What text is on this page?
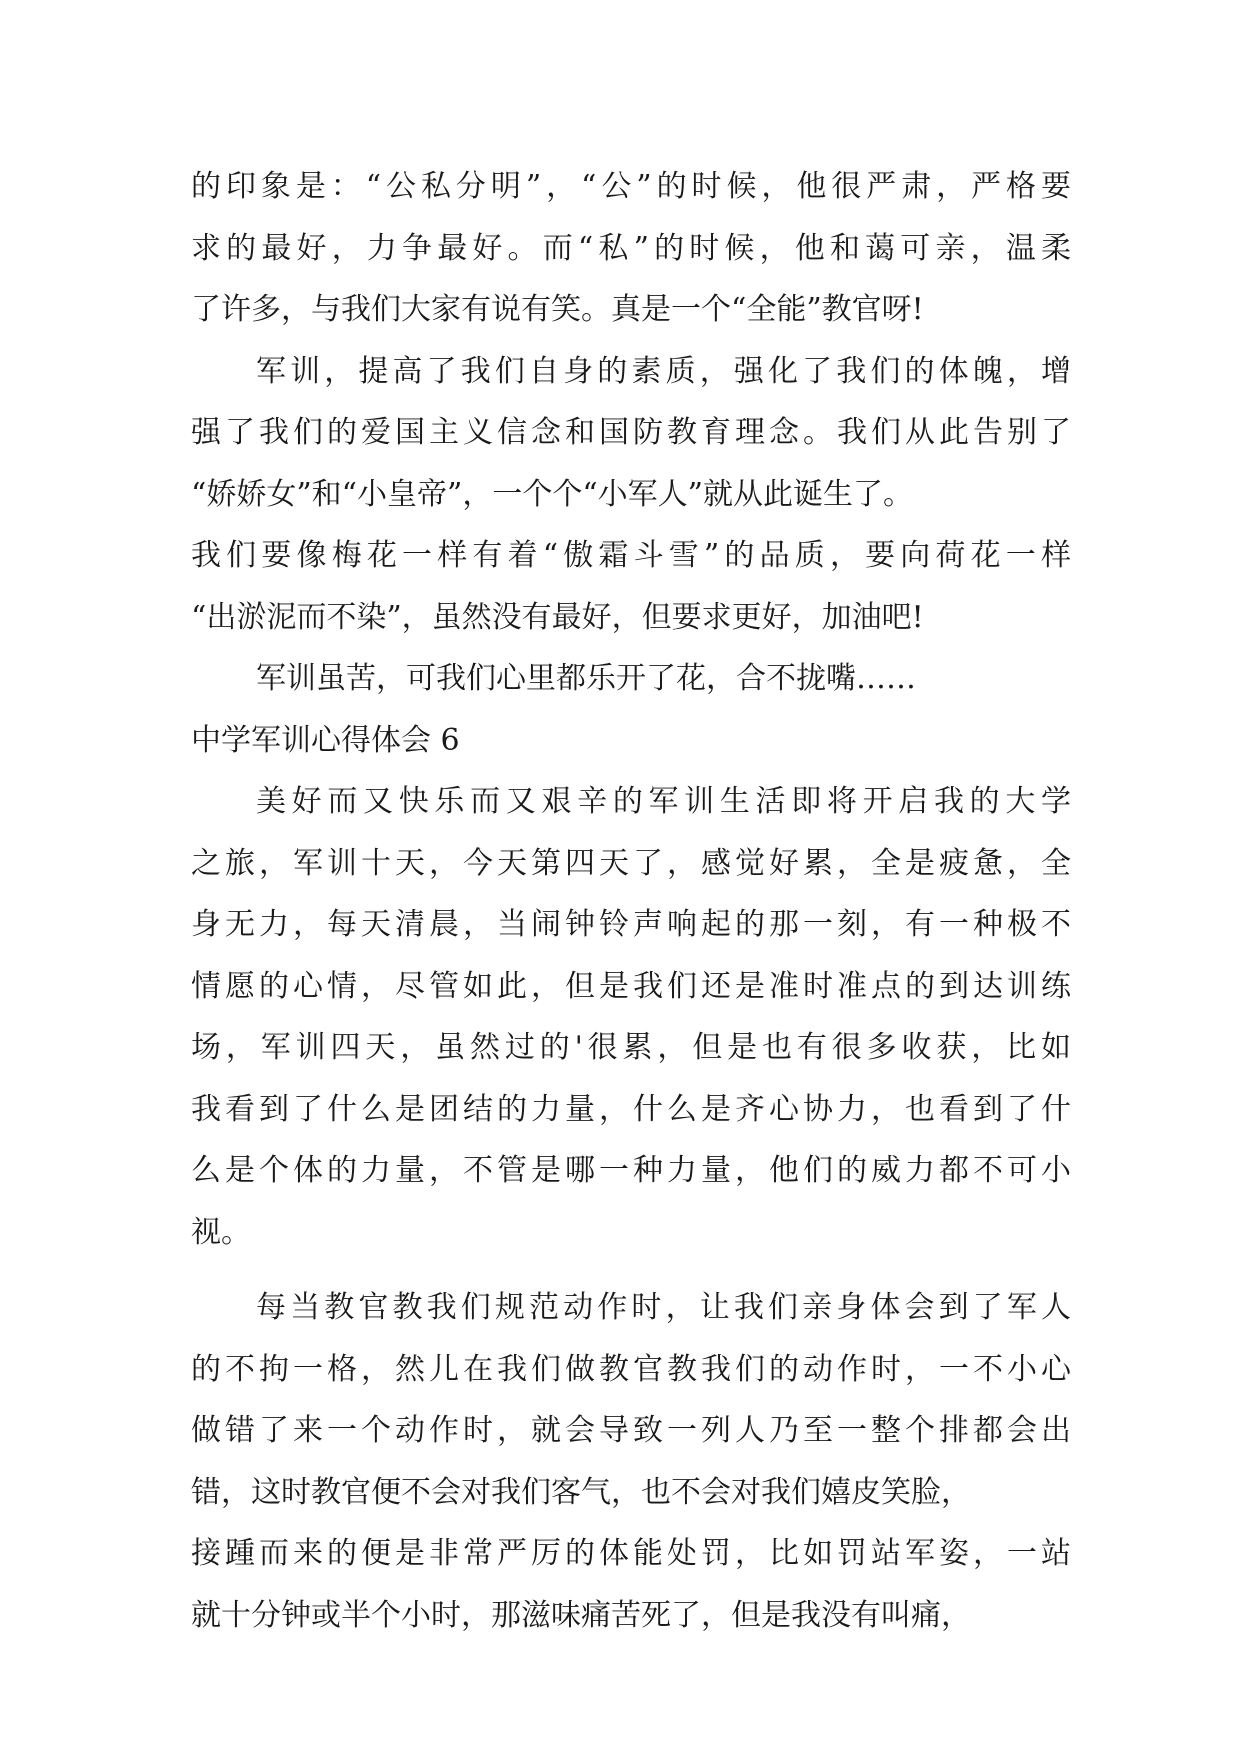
的印象是：“公私分明”，“公”的时候，他很严肃，严格要
求的最好，力争最好。而“私”的时候，他和蔼可亲，温柔
了许多，与我们大家有说有笑。真是一个“全能”教官呀!
军训，提高了我们自身的素质，强化了我们的体魄，增
强了我们的爱国主义信念和国防教育理念。我们从此告别了
“娇娇女”和“小皇帝”，一个个“小军人”就从此诞生了。
我们要像梅花一样有着“傲霜斗雪”的品质，要向荷花一样
“出淤泥而不染”，虽然没有最好，但要求更好，加油吧!
军训虽苦，可我们心里都乐开了花，合不拢嘴……
中学军训心得体会 6
美好而又快乐而又艰辛的军训生活即将开启我的大学
之旅，军训十天，今天第四天了，感觉好累，全是疲惫，全
身无力，每天清晨，当闹钟铃声响起的那一刻，有一种极不
情愿的心情，尽管如此，但是我们还是准时准点的到达训练
场，军训四天，虽然过的'很累，但是也有很多收获，比如
我看到了什么是团结的力量，什么是齐心协力，也看到了什
么是个体的力量，不管是哪一种力量，他们的威力都不可小
视。
每当教官教我们规范动作时，让我们亲身体会到了军人
的不拘一格，然儿在我们做教官教我们的动作时，一不小心
做错了来一个动作时，就会导致一列人乃至一整个排都会出
错，这时教官便不会对我们客气，也不会对我们嬉皮笑脸，
接踵而来的便是非常严厉的体能处罚，比如罚站军姿，一站
就十分钟或半个小时，那滋味痛苦死了，但是我没有叫痛，
